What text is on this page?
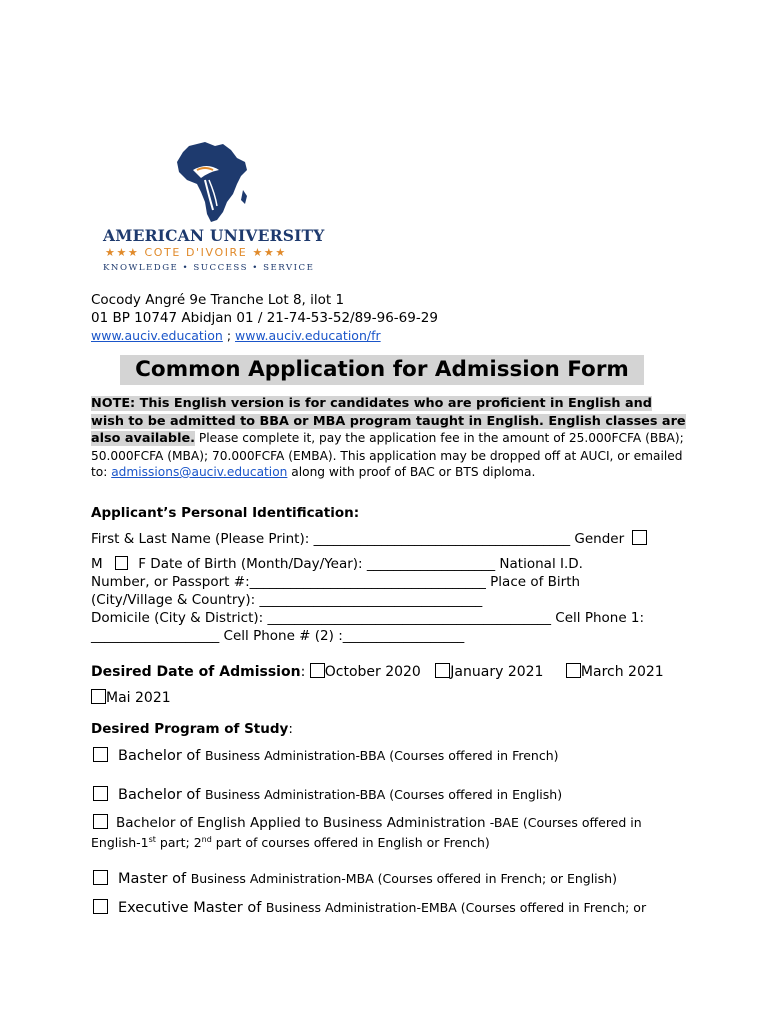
AMERICAN UNIVERSITY
★★★ COTE D'IVOIRE ★★★
KNOWLEDGE • SUCCESS • SERVICE
Cocody Angré 9e Tranche Lot 8, ilot 1
01 BP 10747 Abidjan 01 / 21-74-53-52/89-96-69-29
www.auciv.education ; www.auciv.education/fr
Common Application for Admission Form
NOTE: This English version is for candidates who are proficient in English and wish to be admitted to BBA or MBA program taught in English. English classes are also available. Please complete it, pay the application fee in the amount of 25.000FCFA (BBA); 50.000FCFA (MBA); 70.000FCFA (EMBA). This application may be dropped off at AUCI, or emailed to: admissions@auciv.education along with proof of BAC or BTS diploma.
Applicant’s Personal Identification:
First & Last Name (Please Print): ______________________________________ Gender
M	F Date of Birth (Month/Day/Year): ___________________ National I.D.
Number, or Passport #:___________________________________ Place of Birth
(City/Village & Country): _________________________________
Domicile (City & District): __________________________________________ Cell Phone 1:
___________________ Cell Phone # (2) :__________________
Desired Date of Admission: October 2020 January 2021	March 2021
Mai 2021
Desired Program of Study:
Bachelor of Business Administration-BBA (Courses offered in French)
Bachelor of Business Administration-BBA (Courses offered in English)
Bachelor of English Applied to Business Administration -BAE (Courses offered in
English-1st part; 2nd part of courses offered in English or French)
Master of Business Administration-MBA (Courses offered in French; or English)
Executive Master of Business Administration-EMBA (Courses offered in French; or
